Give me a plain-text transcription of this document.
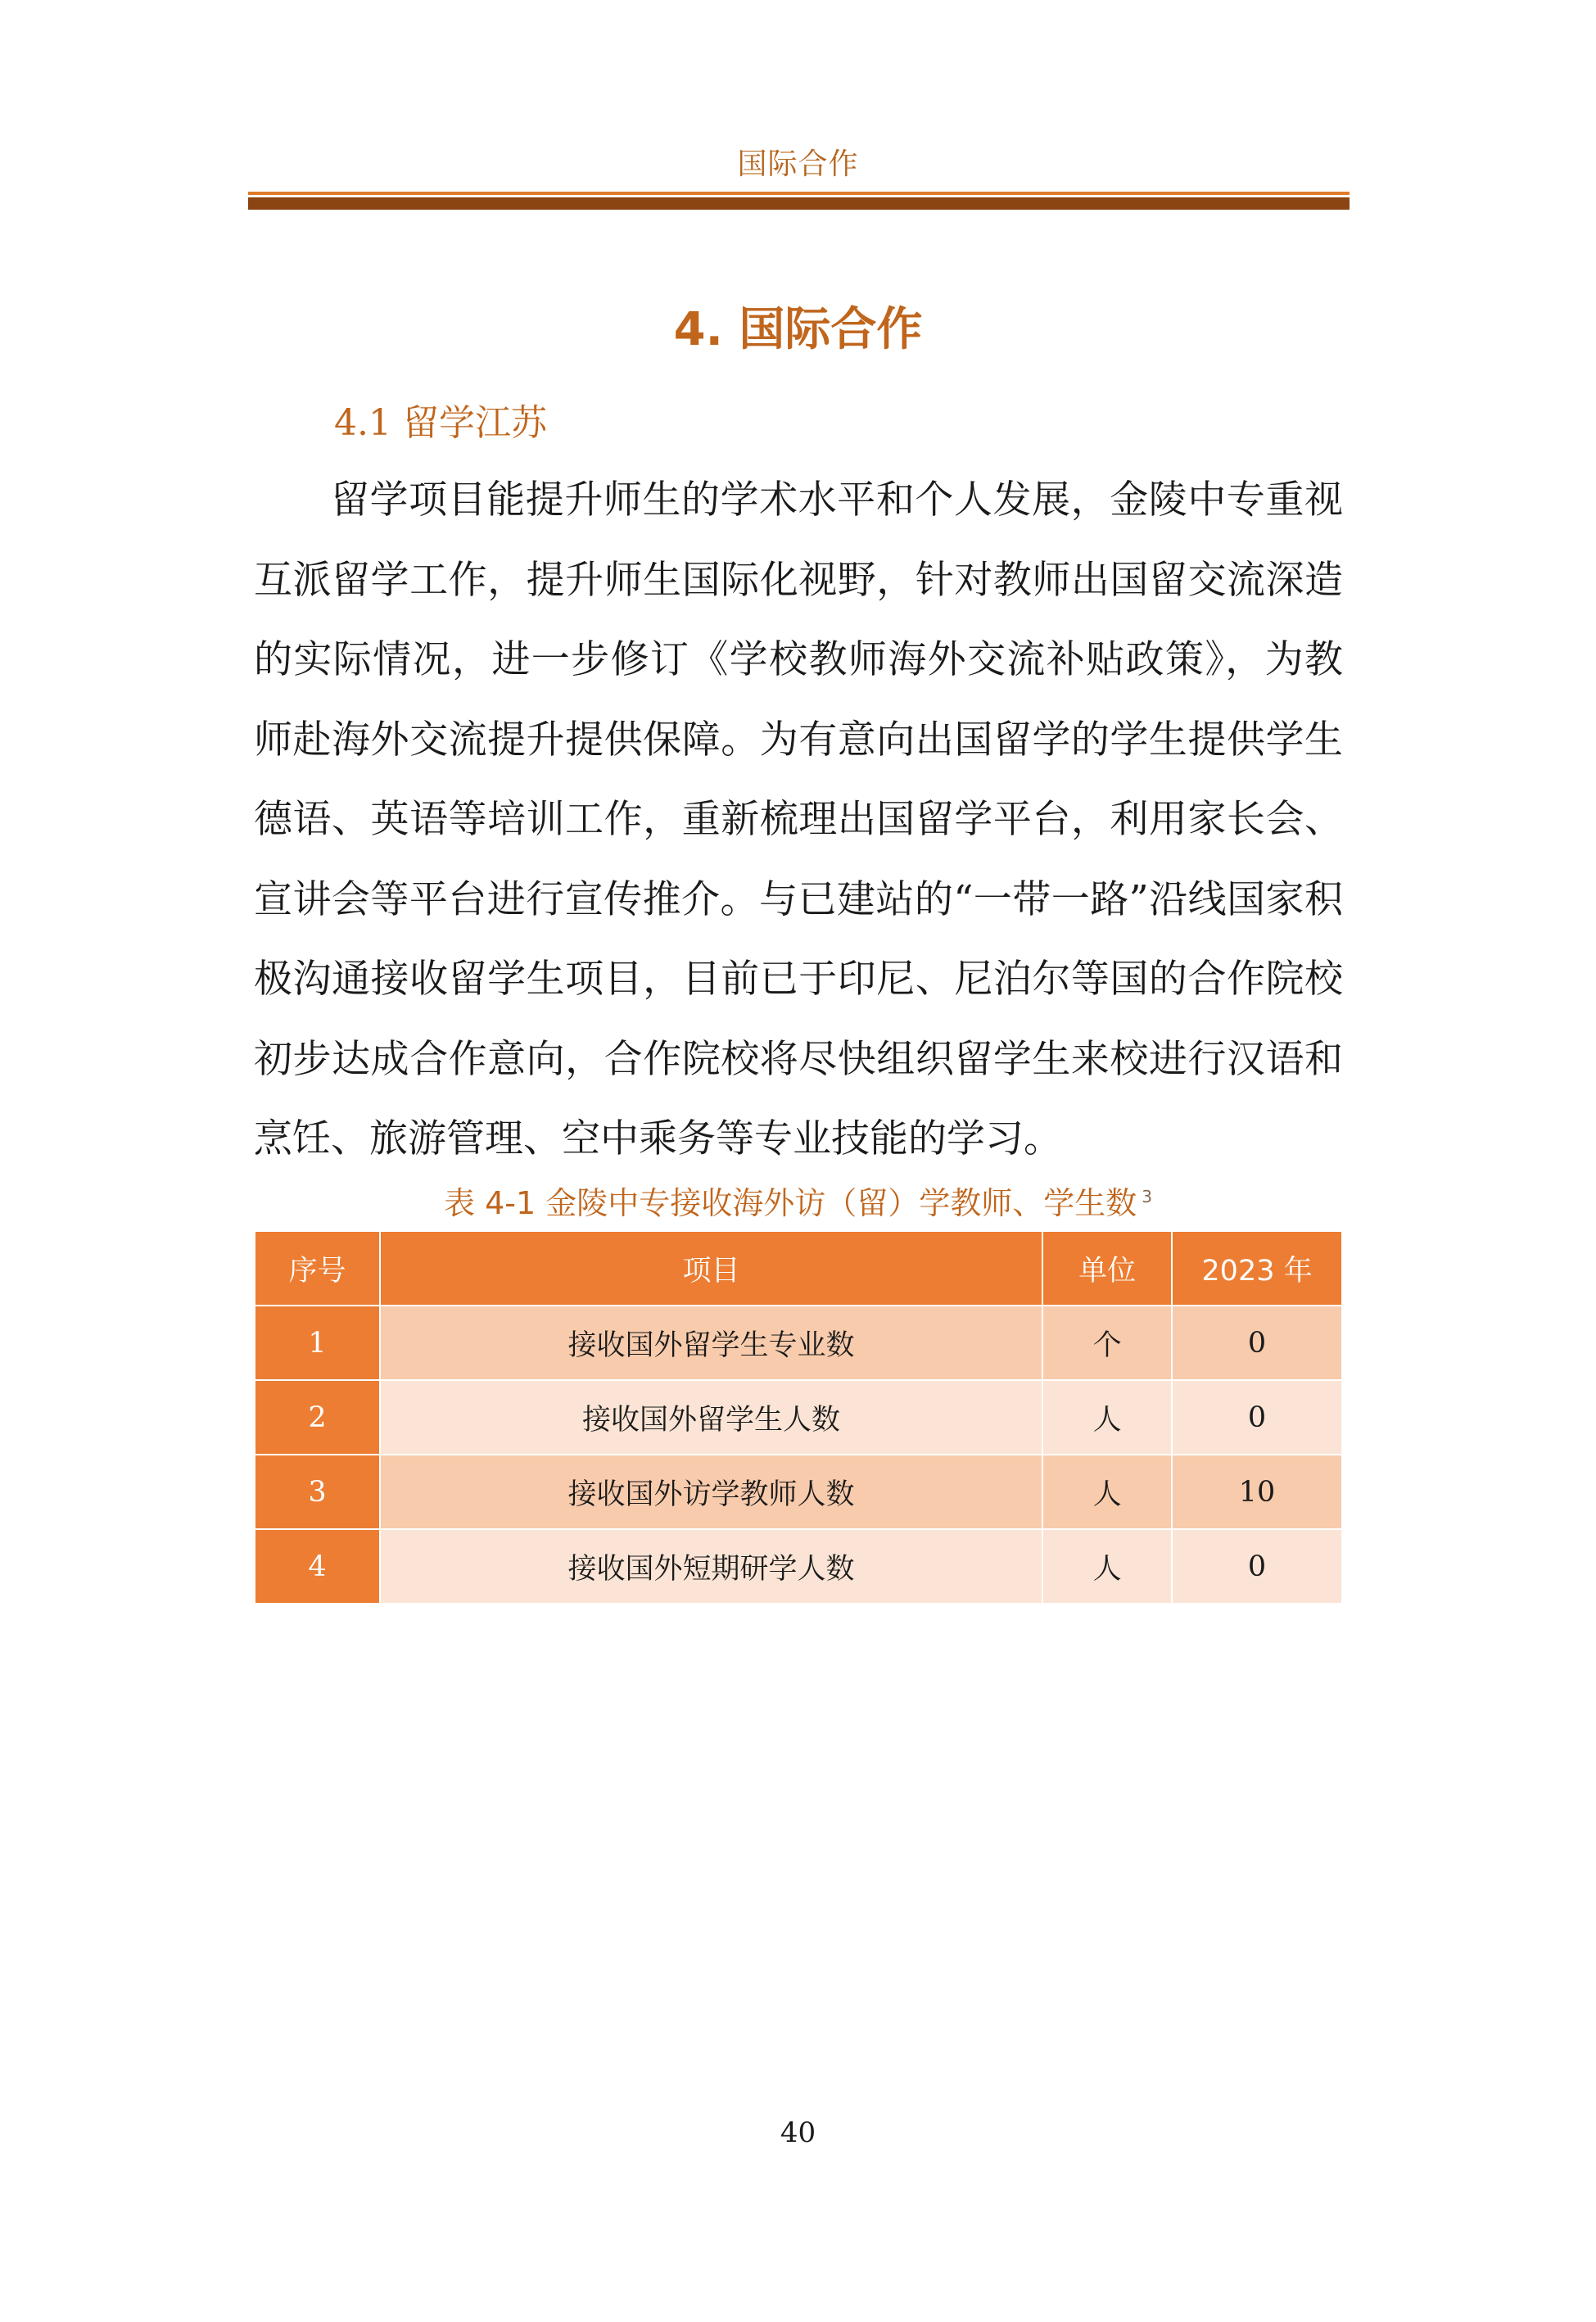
国际合作
4. 国际合作
4.1 留学江苏

留学项目能提升师生的学术水平和个人发展，金陵中专重视互派留学工作，提升师生国际化视野，针对教师出国留交流深造的实际情况，进一步修订《学校教师海外交流补贴政策》，为教师赴海外交流提升提供保障。为有意向出国留学的学生提供学生德语、英语等培训工作，重新梳理出国留学平台，利用家长会、宣讲会等平台进行宣传推介。与已建站的“一带一路”沿线国家积极沟通接收留学生项目，目前已于印尼、尼泊尔等国的合作院校初步达成合作意向，合作院校将尽快组织留学生来校进行汉语和烹饪、旅游管理、空中乘务等专业技能的学习。

表 4-1 金陵中专接收海外访（留）学教师、学生数 $^3$
序号	项目	单位	2023 年
1	接收国外留学生专业数	个	0
2	接收国外留学生人数	人	0
3	接收国外访学教师人数	人	10
4	接收国外短期研学人数	人	0
40
